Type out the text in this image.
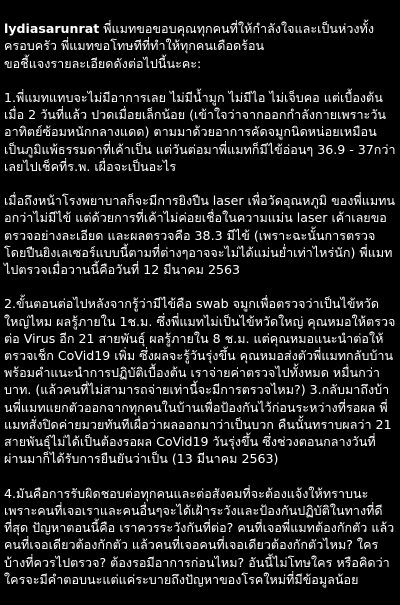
lydiasarunrat พี่แมทขอขอบคุณทุกคนที่ให้กำลังใจและเป็นห่วงทั้งครอบครัว พี่แมทขอโทษทีที่ทำให้ทุกคนเดือดร้อน
ขอชี้แจงรายละเอียดดังต่อไปนี้นะคะ:

1.พี่แมทแทบจะไม่มีอาการเลย ไม่มีน้ำมูก ไม่มีไอ ไม่เจ็บคอ แต่เบื้องต้นเมื่อ 2 วันที่แล้ว ปวดเมื่อยเล็กน้อย (เข้าใจว่าจากออกกำลังกายเพราะวันอาทิตย์ซ้อมหนักกลางแดด) ตามมาด้วยอาการคัดจมูกนิดหน่อยเหมือนเป็นภูมิแพ้ธรรมดาที่เค้าเป็น แต่วันต่อมาพี่แมทก็มีไข้อ่อนๆ 36.9 - 37กว่า เลยไปเช็คที่ร.พ. เผื่อจะเป็นอะไร

เมื่อถึงหน้าโรงพยาบาลก็จะมีการยิงปืน laser เพื่อวัดอุณหภูมิ ของพี่แมทนอกว่าไม่มีไข้ แต่ด้วยการที่เค้าไม่ค่อยเชื่อในความแม่น laser เค้าเลยขอตรวจอย่างละเอียด และผลตรวจคือ 38.3 มีไข้ (เพราะฉะนั้นการตรวจโดยปืนยิงเลเซอร์แบบนี้ตามที่ต่างๆอาจจะไม่ได้แม่นย่ำเท่าไหร่นัก) พี่แมทไปตรวจเมื่อวานนี้คือวันที่ 12 มีนาคม 2563

2.ขั้นตอนต่อไปหลังจากรู้ว่ามีไข้คือ swab จมูกเพื่อตรวจว่าเป็นไข้หวัดใหญ่ไหม ผลรู้ภายใน 1ช.ม. ซึ่งพี่แมทไม่เป็นไข้หวัดใหญ่ คุณหมอให้ตรวจต่อ Virus อีก 21 สายพันธุ์ ผลรู้ภายใน 8 ช.ม. แต่คุณหมอแนะนำต่อให้ตรวจเช็ก CoVid19 เพิ่ม ซึ่งผลจะรู้วันรุ่งขึ้น คุณหมอส่งตัวพี่แมทกลับบ้านพร้อมคำแนะนำการปฏิบัติเบื้องต้น เราจ่ายค่าตรวจไปทั้งหมด หมื่นกว่าบาท. (แล้วคนที่ไม่สามารถจ่ายเท่านี้จะมีการตรวจไหม?) 3.กลับมาถึงบ้านพี่แมทแยกตัวออกจากทุกคนในบ้านเพื่อป้องกันไว้ก่อนระหว่างที่รอผล พี่แมทสั่งปิดค่ายมวยทันทีเผื่อว่าผลออกมาว่าเป็นบวก คืนนั้นทราบผลว่า 21 สายพันธุ์ไม่ได้เป็นต้องรอผล CoVid19 วันรุ่งขึ้น ซึ่งช่วงตอนกลางวันที่ผ่านมาก็ได้รับการยืนยันว่าเป็น (13 มีนาคม 2563)

4.มันคือการรับผิดชอบต่อทุกคนและต่อสังคมที่จะต้องแจ้งให้ทราบนะเพราะคนที่เจอเราและคนอื่นๆจะได้เฝ้าระวังและป้องกันปฏิบัติในทางที่ดีที่สุด ปัญหาตอนนี้คือ เราควรระวังกันที่ต่อ? คนที่เจอพี่แมทต้องกักตัว แล้วคนที่เจอเดียวต้องกักตัว แล้วคนที่เจอคนที่เจอเดียวต้องกักตัวไหม? ใครบ้างที่ควรไปตรวจ? ต้องรอมีอาการก่อนไหม? อันนี้ไม่โทษใคร หรือคิดว่าใครจะมีคำตอบนะแต่แค่ระบายถึงปัญหาของโรคใหม่ที่มีข้อมูลน้อย
